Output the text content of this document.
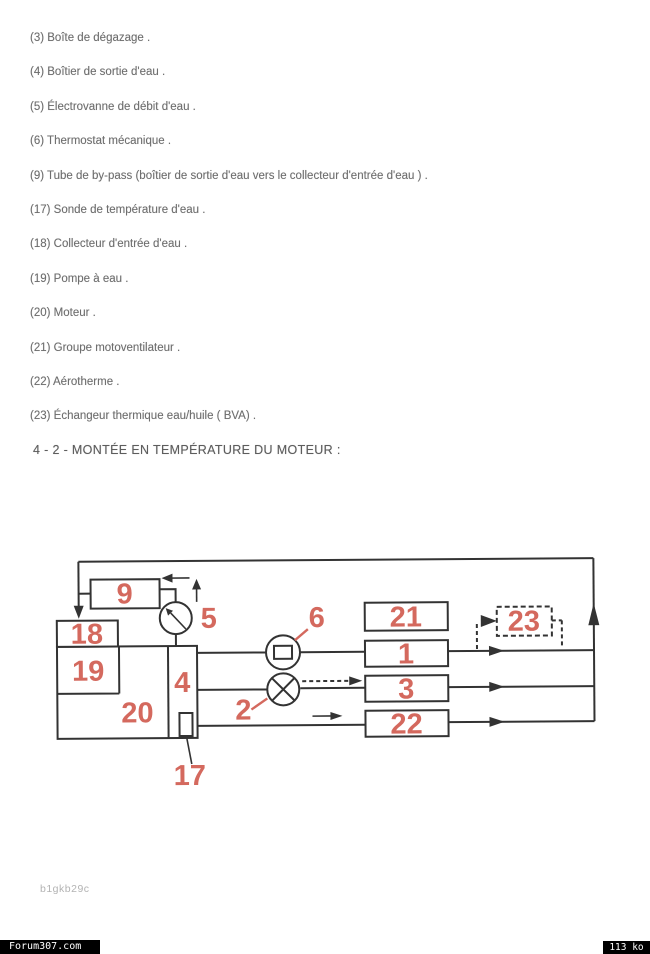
(3) Boîte de dégazage .
(4) Boîtier de sortie d'eau .
(5) Électrovanne de débit d'eau .
(6) Thermostat mécanique .
(9) Tube de by-pass (boîtier de sortie d'eau vers le collecteur d'entrée d'eau ) .
(17) Sonde de température d'eau .
(18) Collecteur d'entrée d'eau .
(19) Pompe à eau .
(20) Moteur .
(21) Groupe motoventilateur .
(22) Aérotherme .
(23) Échangeur thermique eau/huile ( BVA) .
4 - 2 - MONTÉE EN TEMPÉRATURE DU MOTEUR :
9
5
18
19
20
4
17
6
1
21	23
2
3
22
b1gkb29c
Forum307.com	113 ko
